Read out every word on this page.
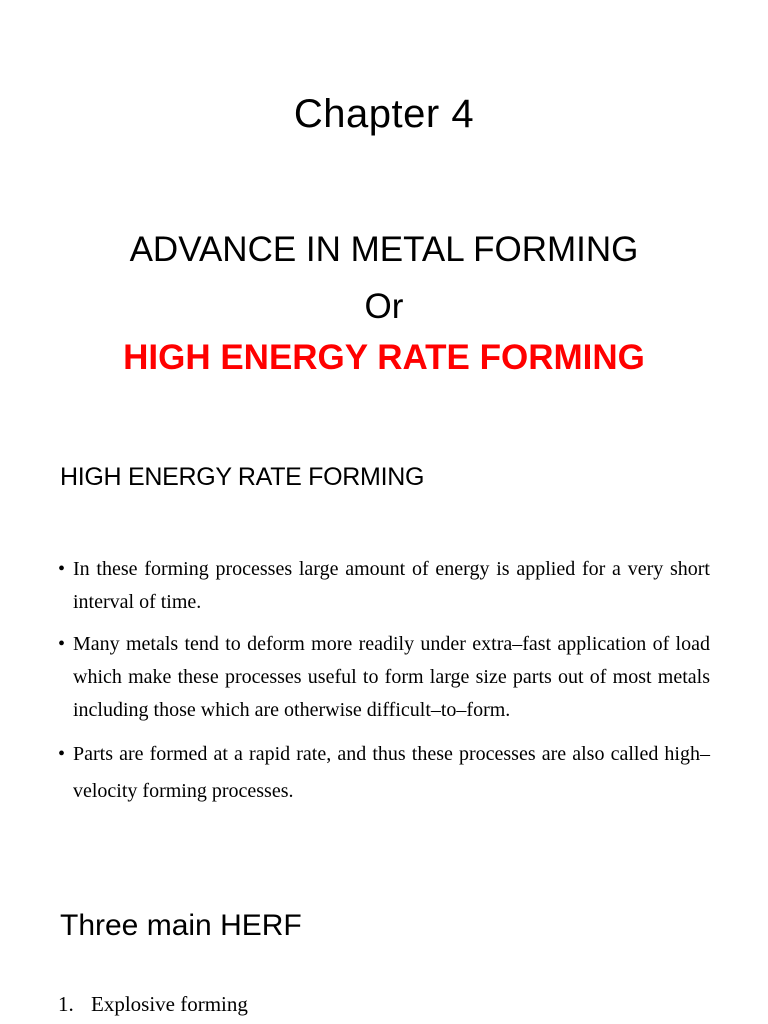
Chapter 4
ADVANCE IN METAL FORMING
Or
HIGH ENERGY RATE FORMING
HIGH ENERGY RATE FORMING
• In these forming processes large amount of energy is applied for a very short interval of time.
• Many metals tend to deform more readily under extra–fast application of load which make these processes useful to form large size parts out of most metals including those which are otherwise difficult–to–form.
• Parts are formed at a rapid rate, and thus these processes are also called high– velocity forming processes.
Three main HERF
1. Explosive forming
